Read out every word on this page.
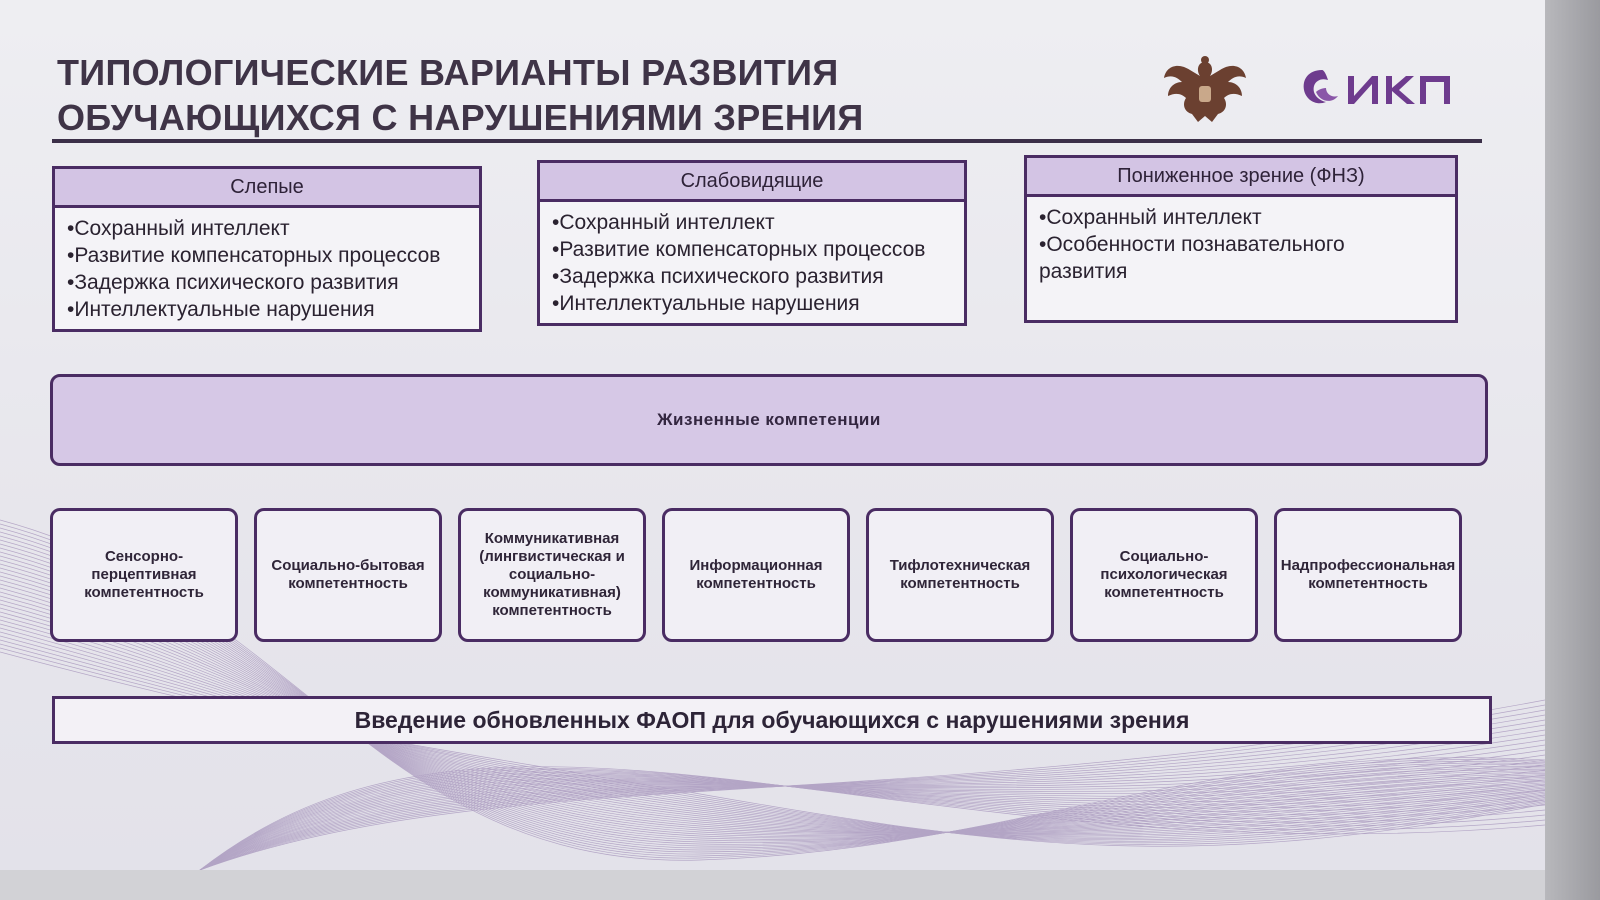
ТИПОЛОГИЧЕСКИЕ ВАРИАНТЫ РАЗВИТИЯ
ОБУЧАЮЩИХСЯ С НАРУШЕНИЯМИ ЗРЕНИЯ
Слепые
•Сохранный интеллект
•Развитие компенсаторных процессов
•Задержка психического развития
•Интеллектуальные нарушения
Слабовидящие
•Сохранный интеллект
•Развитие компенсаторных процессов
•Задержка психического развития
•Интеллектуальные нарушения
Пониженное зрение (ФНЗ)
•Сохранный интеллект
•Особенности познавательного развития
Жизненные компетенции
Сенсорно-перцептивная компетентность
Социально-бытовая компетентность
Коммуникативная (лингвистическая и социально-коммуникативная) компетентность
Информационная компетентность
Тифлотехническая компетентность
Социально-психологическая компетентность
Надпрофессиональная компетентность
Введение обновленных ФАОП для обучающихся с нарушениями зрения
